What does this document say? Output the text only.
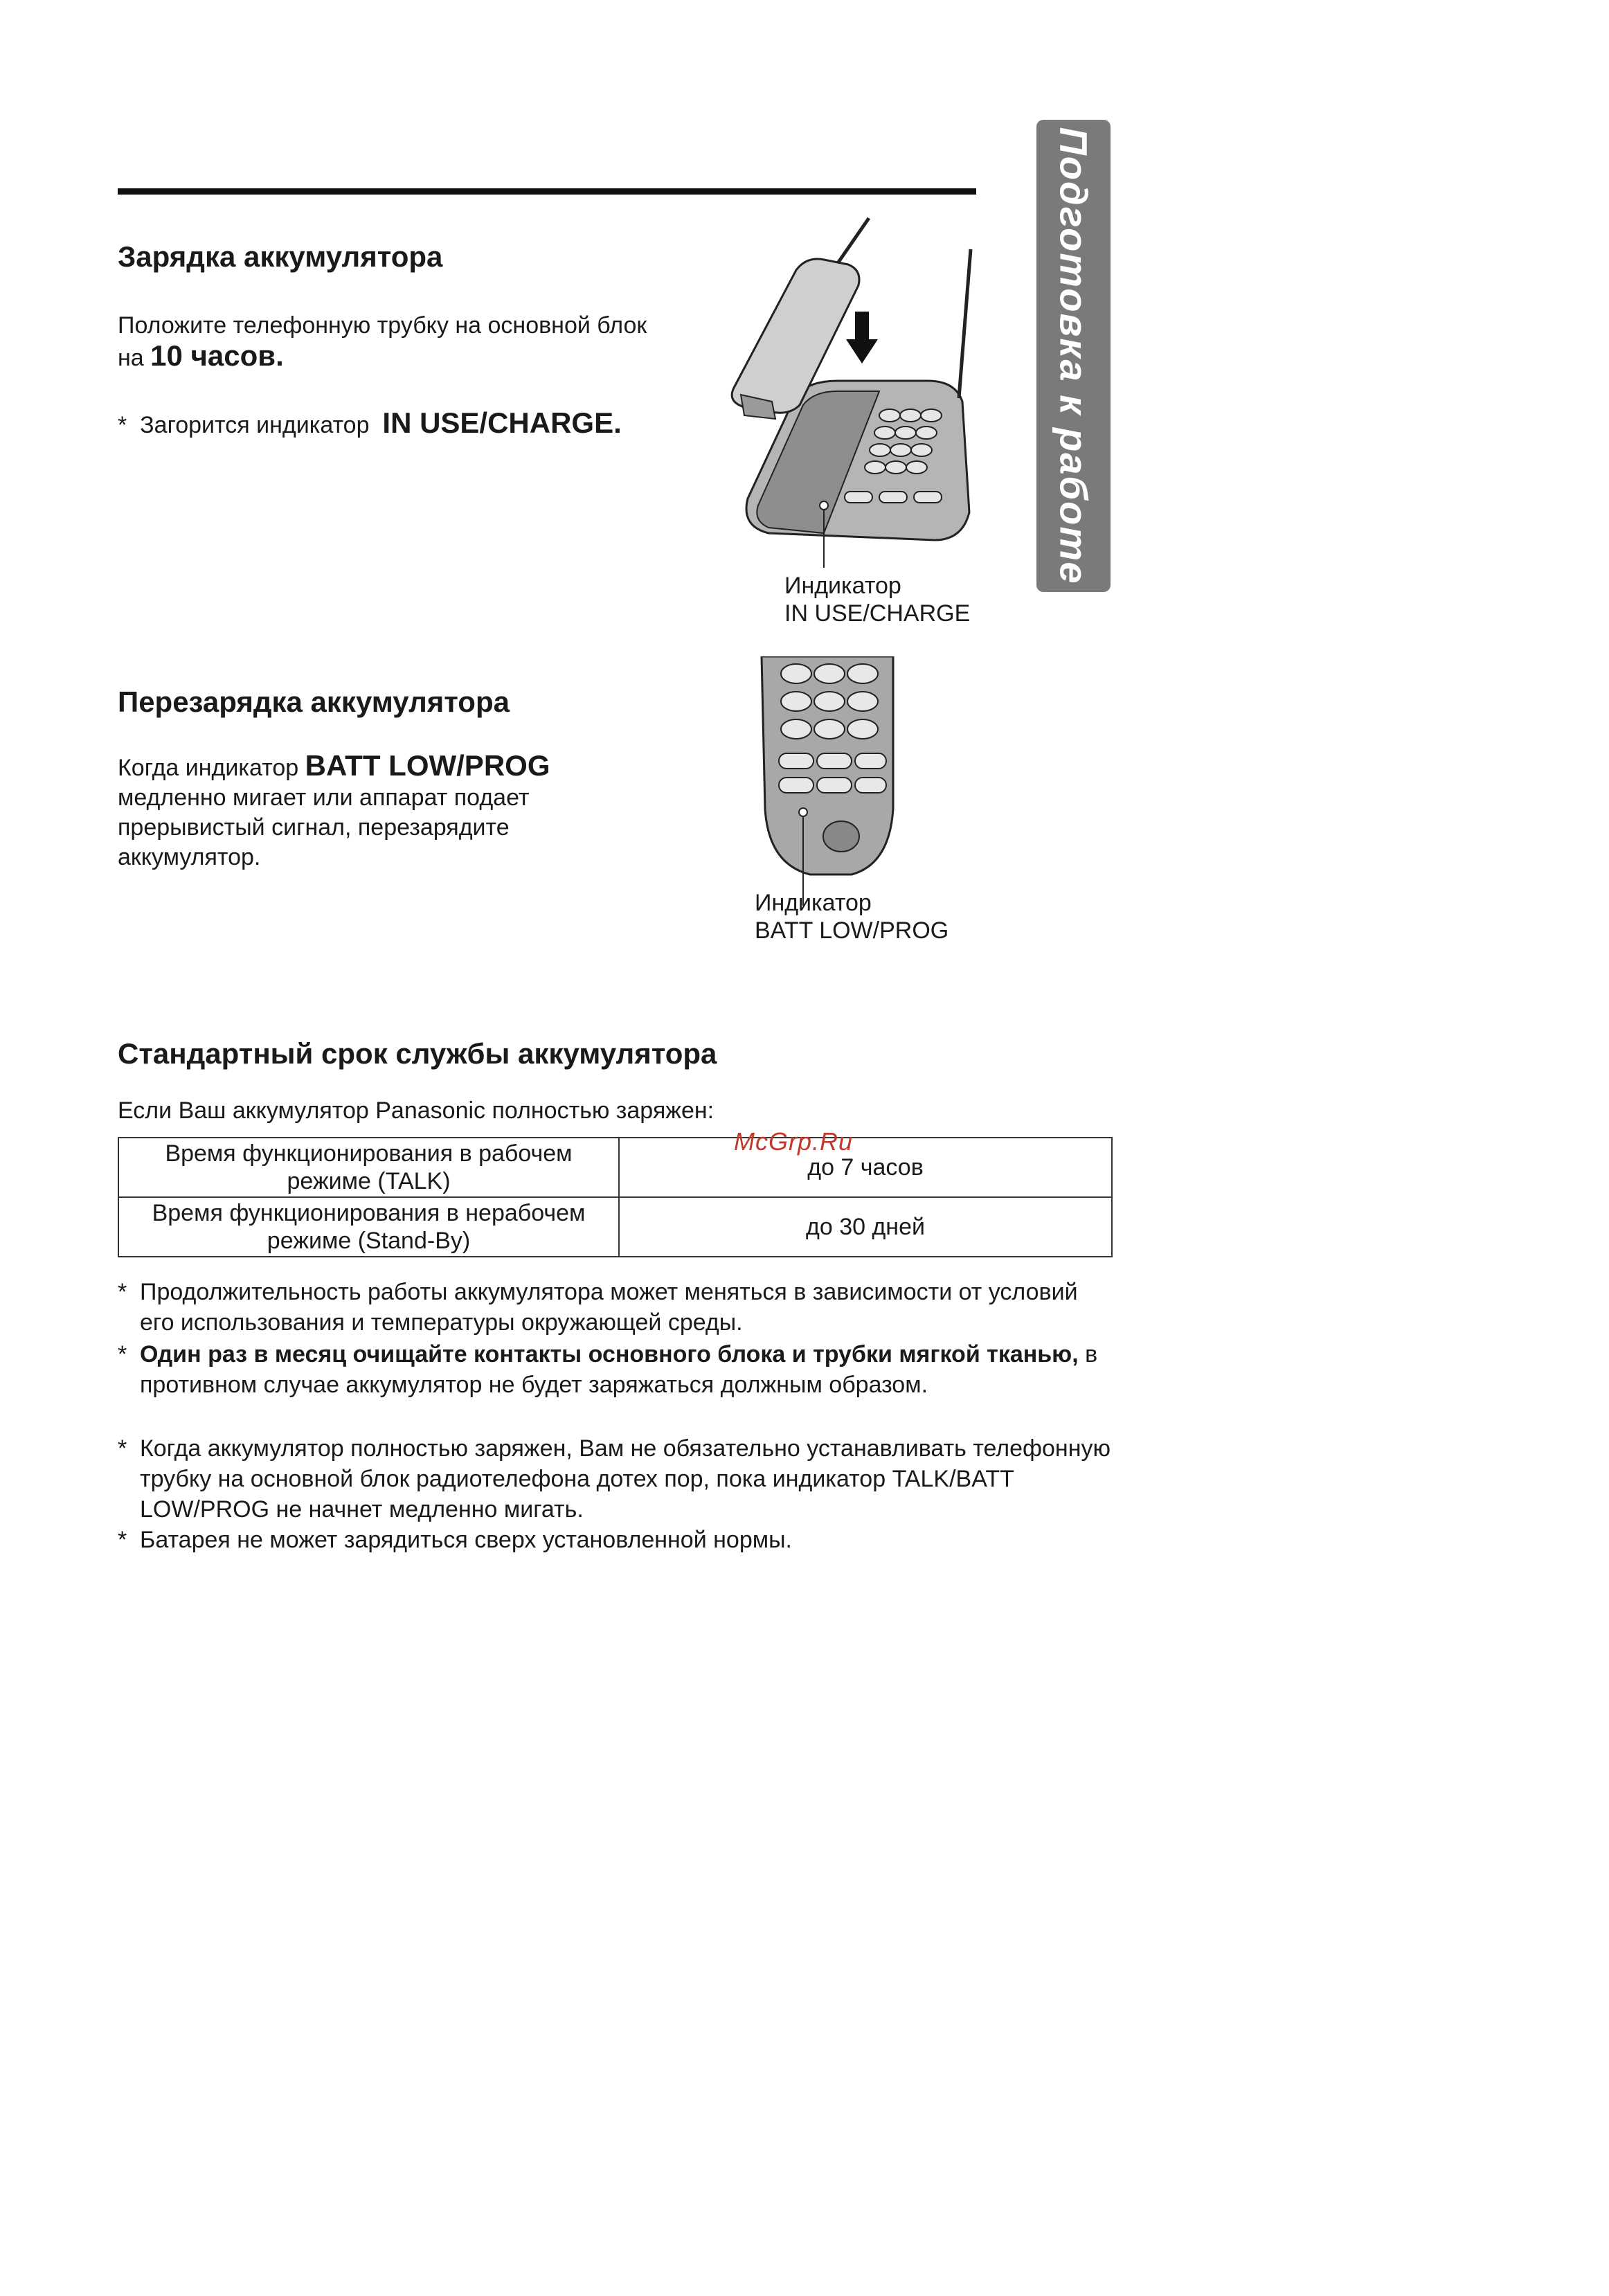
Подготовка к работе
Зарядка аккумулятора
Положите телефонную трубку на основной блок
на 10 часов.
* Загорится индикатор IN USE/CHARGE.
Индикатор
IN USE/CHARGE
Перезарядка аккумулятора
Когда индикатор BATT LOW/PROG
медленно мигает или аппарат подает
прерывистый сигнал, перезарядите
аккумулятор.
Индикатор
BATT LOW/PROG
Стандартный срок службы аккумулятора
Если Ваш аккумулятор Panasonic полностью заряжен:
Время функционирования в рабочем
режиме (TALK)	до 7 часов

Время функционирования в нерабочем
режиме (Stand-By)	до 30 дней
McGrp.Ru
* Продолжительность работы аккумулятора может меняться в зависимости от условий его использования и температуры окружающей среды.
* Один раз в месяц очищайте контакты основного блока и трубки мягкой тканью, в противном случае аккумулятор не будет заряжаться должным образом.
* Когда аккумулятор полностью заряжен, Вам не обязательно устанавливать телефонную трубку на основной блок радиотелефона дотех пор, пока индикатор TALK/BATT LOW/PROG не начнет медленно мигать.
* Батарея не может зарядиться сверх установленной нормы.
